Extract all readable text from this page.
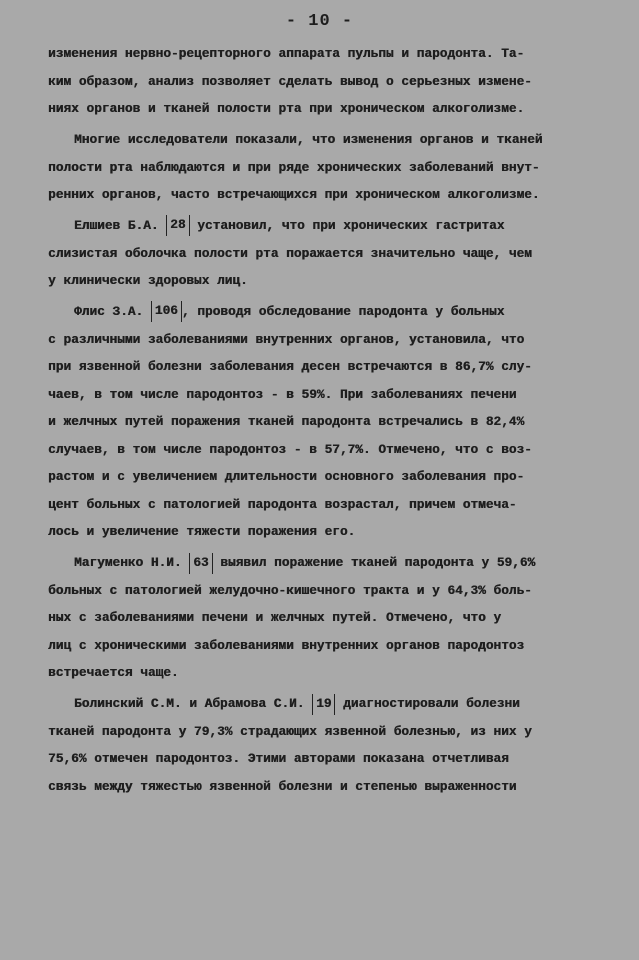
- 10 -
изменения нервно-рецепторного аппарата пульпы и пародонта. Та-
ким образом, анализ позволяет сделать вывод о серьезных измене-
ниях органов и тканей полости рта при хроническом алкоголизме.
Многие исследователи показали, что изменения органов и тканей
полости рта наблюдаются и при ряде хронических заболеваний внут-
ренних органов, часто встречающихся при хроническом алкоголизме.
Елшиев Б.А. 28 установил, что при хронических гастритах
слизистая оболочка полости рта поражается значительно чаще, чем
у клинически здоровых лиц.
Флис З.А. 106 , проводя обследование пародонта у больных
с различными заболеваниями внутренних органов, установила, что
при язвенной болезни заболевания десен встречаются в 86,7% слу-
чаев, в том числе пародонтоз - в 59%. При заболеваниях печени
и желчных путей поражения тканей пародонта встречались в 82,4%
случаев, в том числе пародонтоз - в 57,7%. Отмечено, что с воз-
растом и с увеличением длительности основного заболевания про-
цент больных с патологией пародонта возрастал, причем отмеча-
лось и увеличение тяжести поражения его.
Магуменко Н.И. 63 выявил поражение тканей пародонта у 59,6%
больных с патологией желудочно-кишечного тракта и у 64,3% боль-
ных с заболеваниями печени и желчных путей. Отмечено, что у
лиц с хроническими заболеваниями внутренних органов пародонтоз
встречается чаще.
Болинский С.М. и Абрамова С.И. 19 диагностировали болезни
тканей пародонта у 79,3% страдающих язвенной болезнью, из них у
75,6% отмечен пародонтоз. Этими авторами показана отчетливая
связь между тяжестью язвенной болезни и степенью выраженности
